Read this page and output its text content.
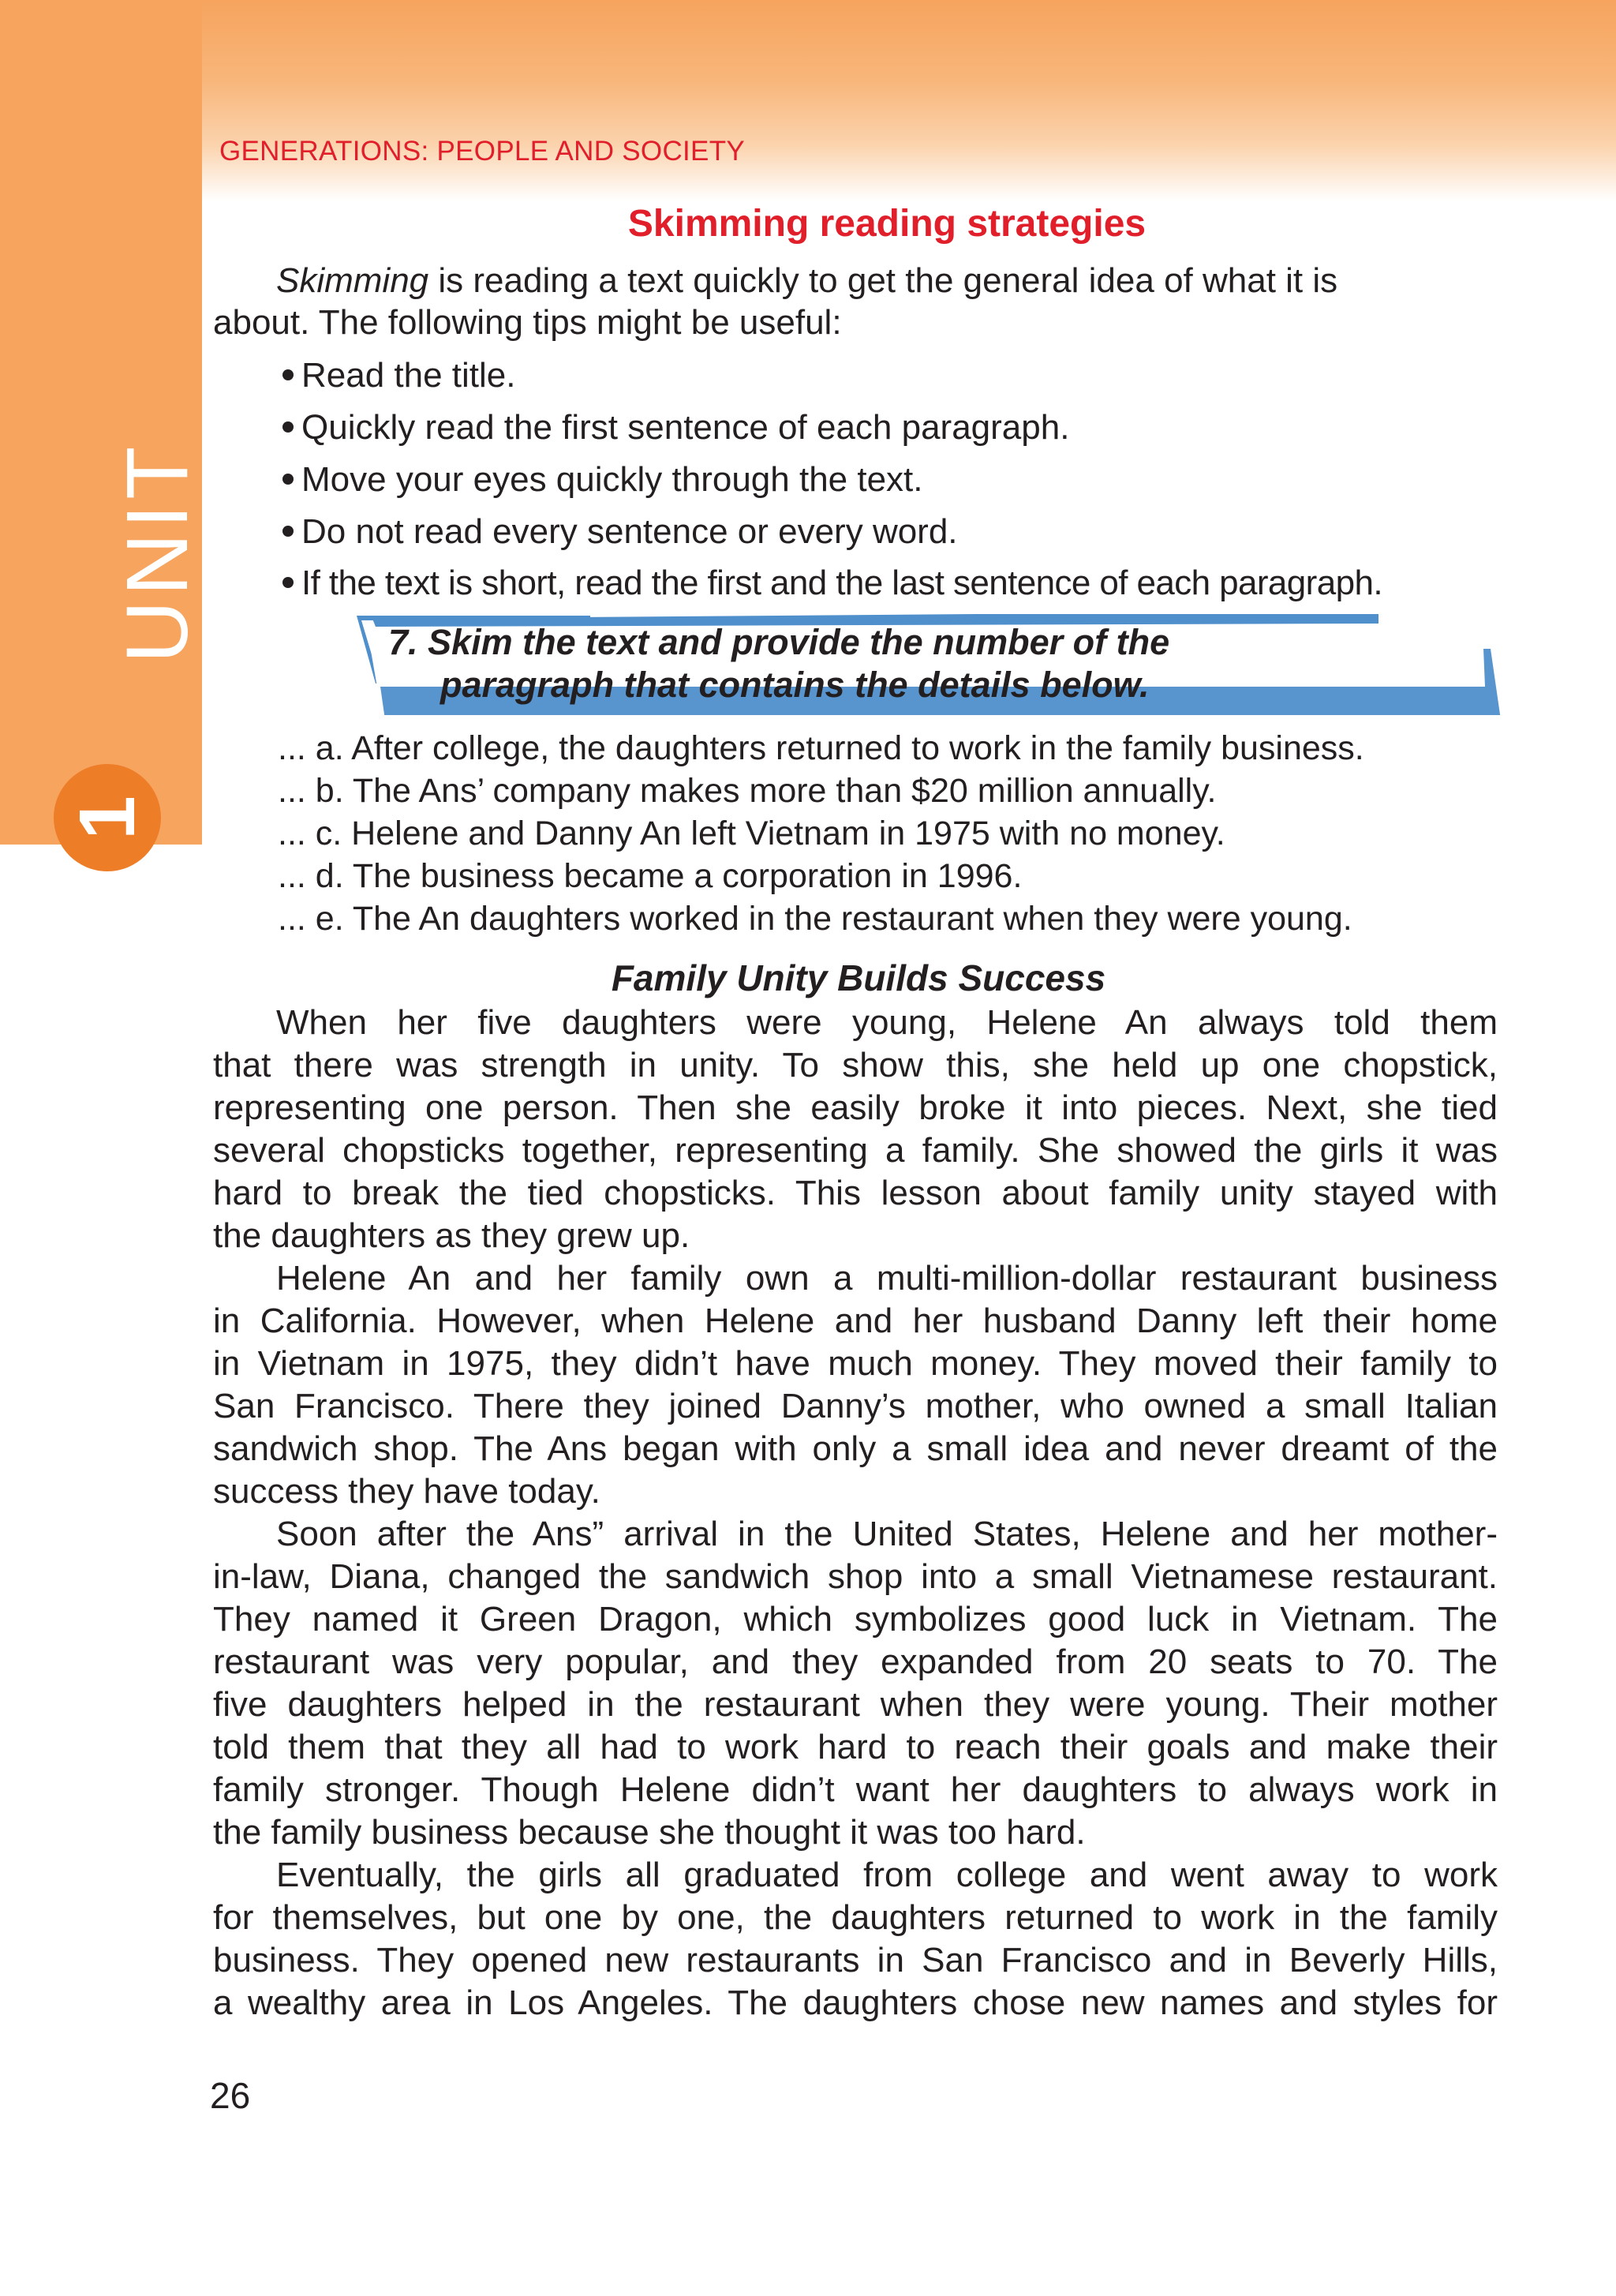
UNIT
1
GENERATIONS: PEOPLE AND SOCIETY
Skimming reading strategies
Skimming is reading a text quickly to get the general idea of what it is
about. The following tips might be useful:
Read the title.
Quickly read the first sentence of each paragraph.
Move your eyes quickly through the text.
Do not read every sentence or every word.
If the text is short, read the first and the last sentence of each paragraph.
7. Skim the text and provide the number of the
paragraph that contains the details below.
... a. After college, the daughters returned to work in the family business.
... b. The Ans’ company makes more than $20 million annually.
... c. Helene and Danny An left Vietnam in 1975 with no money.
... d. The business became a corporation in 1996.
... e. The An daughters worked in the restaurant when they were young.
Family Unity Builds Success
When her five daughters were young, Helene An always told them
that there was strength in unity. To show this, she held up one chopstick,
representing one person. Then she easily broke it into pieces. Next, she tied
several chopsticks together, representing a family. She showed the girls it was
hard to break the tied chopsticks. This lesson about family unity stayed with
the daughters as they grew up.
Helene An and her family own a multi-million-dollar restaurant business
in California. However, when Helene and her husband Danny left their home
in Vietnam in 1975, they didn’t have much money. They moved their family to
San Francisco. There they joined Danny’s mother, who owned a small Italian
sandwich shop. The Ans began with only a small idea and never dreamt of the
success they have today.
Soon after the Ans” arrival in the United States, Helene and her mother-
in-law, Diana, changed the sandwich shop into a small Vietnamese restaurant.
They named it Green Dragon, which symbolizes good luck in Vietnam. The
restaurant was very popular, and they expanded from 20 seats to 70. The
five daughters helped in the restaurant when they were young. Their mother
told them that they all had to work hard to reach their goals and make their
family stronger. Though Helene didn’t want her daughters to always work in
the family business because she thought it was too hard.
Eventually, the girls all graduated from college and went away to work
for themselves, but one by one, the daughters returned to work in the family
business. They opened new restaurants in San Francisco and in Beverly Hills,
a wealthy area in Los Angeles. The daughters chose new names and styles for
26
